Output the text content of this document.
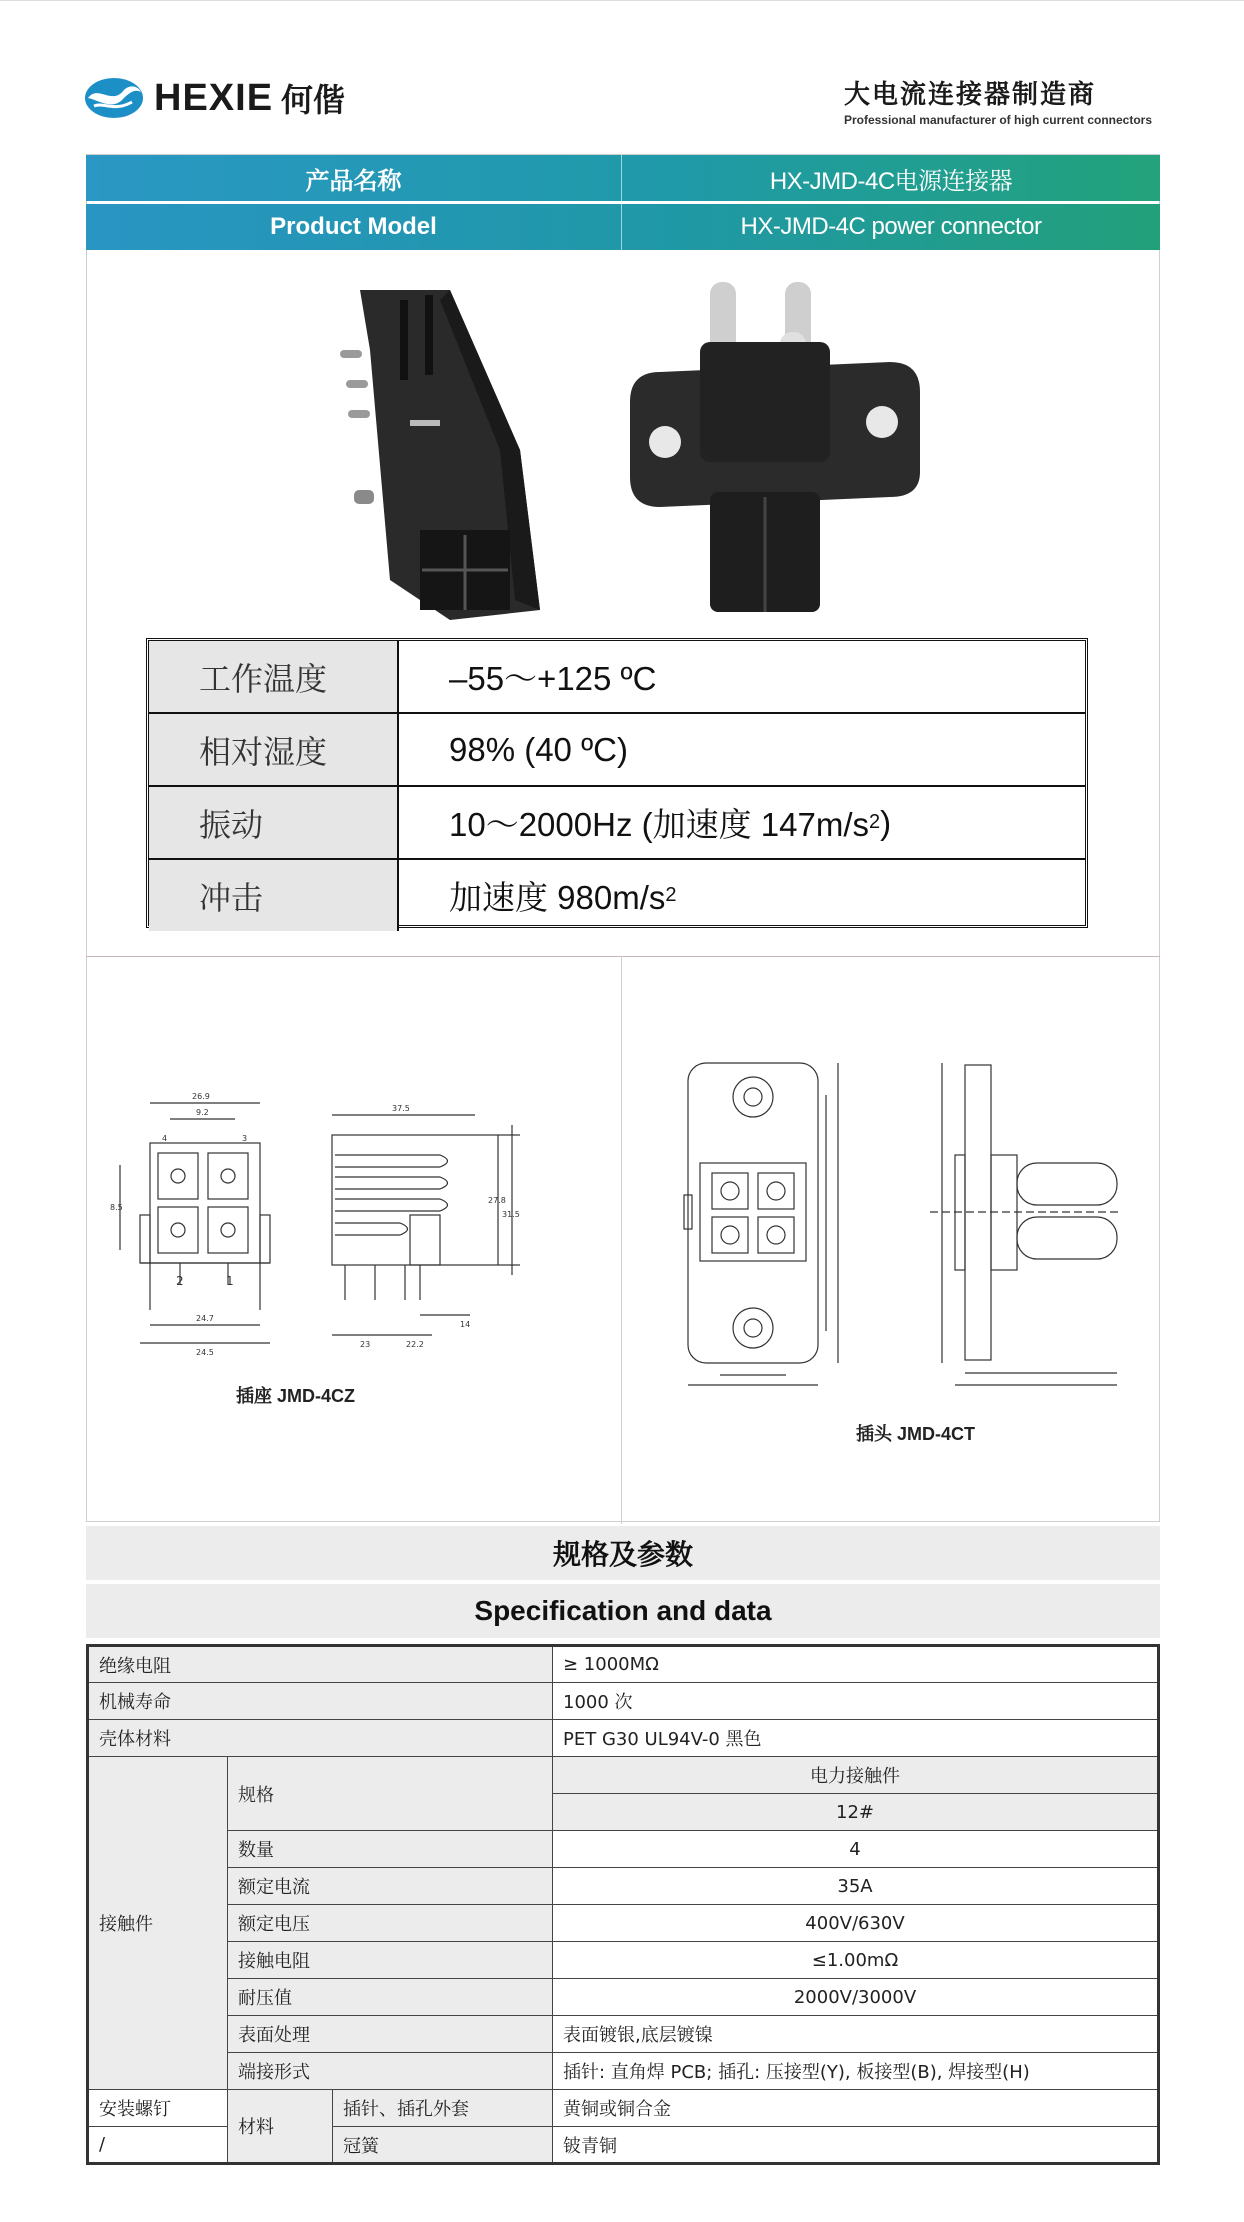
HEXIE 何偕	大电流连接器制造商
Professional manufacturer of high current connectors
产品名称	HX-JMD-4C电源连接器
Product Model	HX-JMD-4C power connector
工作温度	–55～+125 ºC
相对湿度	98% (40 ºC)
振动	10～2000Hz (加速度 147m/s 2 )
冲击	加速度 980m/s 2
26.9
9.2
4	3
2	1
24.7
24.5
8.5
37.5
23	22.2
14
27.8
31.5
插座 JMD-4CZ
插头 JMD-4CT
规格及参数
Specification and data
绝缘电阻			≥ 1000MΩ
机械寿命			1000 次
壳体材料			PET G30 UL94V-0 黑色
接触件	规格		电力接触件
			12#
	数量		4
	额定电流		35A
	额定电压		400V/630V
	接触电阻		≤1.00mΩ
	耐压值		2000V/3000V
	表面处理		表面镀银,底层镀镍
	端接形式		插针: 直角焊 PCB; 插孔: 压接型(Y), 板接型(B), 焊接型(H)
安装螺钉	材料	插针、插孔外套	黄铜或铜合金
/		冠簧	铍青铜
